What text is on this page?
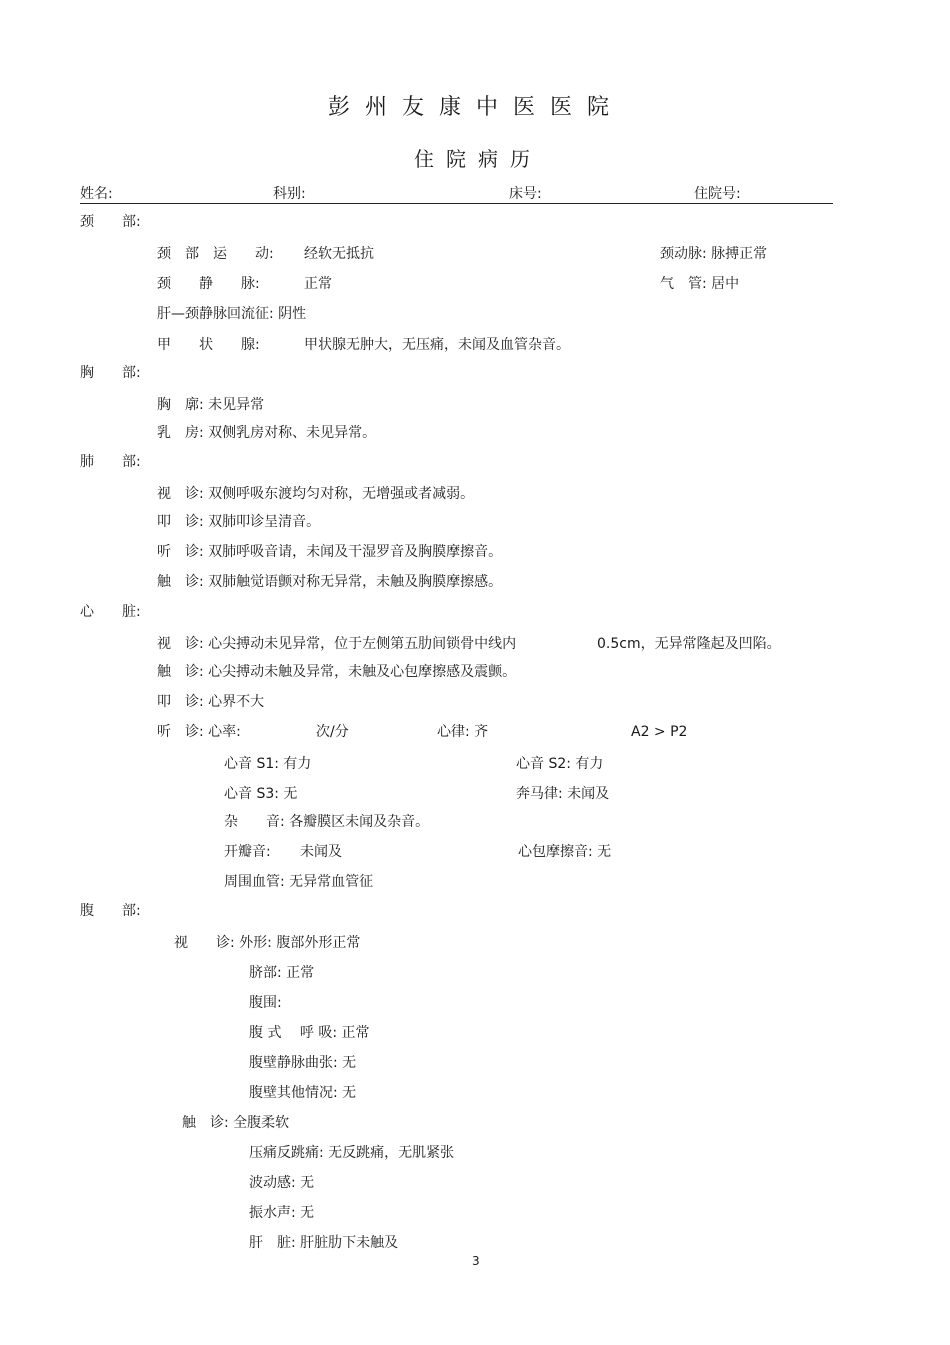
彭州友康中医医院
住院病历
姓名:	科别:	床号:	住院号:
颈　　部:
颈　部　运　　动: 经软无抵抗	颈动脉: 脉搏正常
颈　　静　　脉:	正常	气　管: 居中
肝—颈静脉回流征: 阴性
甲　　状　　腺:	甲状腺无肿大，无压痛，未闻及血管杂音。
胸　　部:
胸　廓: 未见异常
乳　房: 双侧乳房对称、未见异常。
肺　　部:
视　诊: 双侧呼吸东渡均匀对称，无增强或者减弱。
叩　诊: 双肺叩诊呈清音。
听　诊: 双肺呼吸音请，未闻及干湿罗音及胸膜摩擦音。
触　诊: 双肺触觉语颤对称无异常，未触及胸膜摩擦感。
心　　脏:
视　诊: 心尖搏动未见异常，位于左侧第五肋间锁骨中线内	0.5cm，无异常隆起及凹陷。
触　诊: 心尖搏动未触及异常，未触及心包摩擦感及震颤。
叩　诊: 心界不大
听　诊: 心率:	次/分	心律: 齐	A2 > P2
心音 S1: 有力	心音 S2: 有力
心音 S3: 无	奔马律: 未闻及
杂　　音: 各瓣膜区未闻及杂音。
开瓣音: 未闻及	心包摩擦音: 无
周围血管: 无异常血管征
腹　　部:
视　　诊: 外形: 腹部外形正常
脐部: 正常
腹围:
腹 式　 呼 吸: 正常
腹壁静脉曲张: 无
腹壁其他情况: 无
触　诊: 全腹柔软
压痛反跳痛: 无反跳痛，无肌紧张
波动感: 无
振水声: 无
肝　脏: 肝脏肋下未触及
3
